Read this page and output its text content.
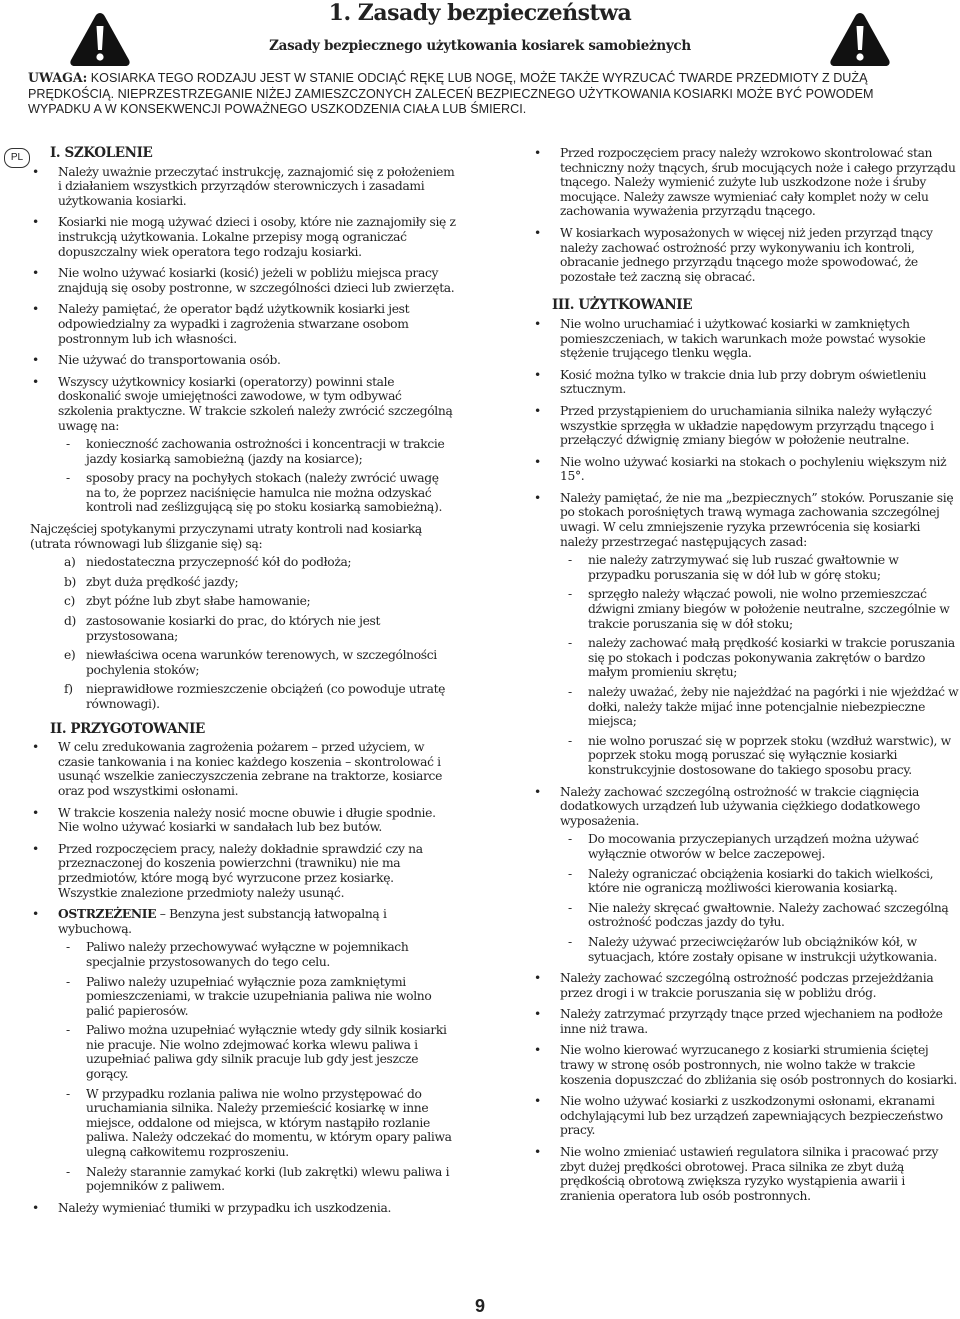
1. Zasady bezpieczeństwa
Zasady bezpiecznego użytkowania kosiarek samobieżnych

UWAGA: KOSIARKA TEGO RODZAJU JEST W STANIE ODCIĄĆ RĘKĘ LUB NOGĘ, MOŻE TAKŻE WYRZUCAĆ TWARDE PRZEDMIOTY Z DUŻĄ PRĘDKOŚCIĄ. NIEPRZESTRZEGANIE NIŻEJ ZAMIESZCZONYCH ZALECEŃ BEZPIECZNEGO UŻYTKOWANIA KOSIARKI MOŻE BYĆ POWODEM WYPADKU A W KONSEKWENCJI POWAŻNEGO USZKODZENIA CIAŁA LUB ŚMIERCI.

PL	I. SZKOLENIE
• Należy uważnie przeczytać instrukcję, zaznajomić się z położeniem i działaniem wszystkich przyrządów sterowniczych i zasadami użytkowania kosiarki.
• Kosiarki nie mogą używać dzieci i osoby, które nie zaznajomiły się z instrukcją użytkowania. Lokalne przepisy mogą ograniczać dopuszczalny wiek operatora tego rodzaju kosiarki.
• Nie wolno używać kosiarki (kosić) jeżeli w pobliżu miejsca pracy znajdują się osoby postronne, w szczególności dzieci lub zwierzęta.
• Należy pamiętać, że operator bądź użytkownik kosiarki jest odpowiedzialny za wypadki i zagrożenia stwarzane osobom postronnym lub ich własności.
• Nie używać do transportowania osób.
• Wszyscy użytkownicy kosiarki (operatorzy) powinni stale doskonalić swoje umiejętności zawodowe, w tym odbywać szkolenia praktyczne. W trakcie szkoleń należy zwrócić szczególną uwagę na:
- konieczność zachowania ostrożności i koncentracji w trakcie jazdy kosiarką samobieżną (jazdy na kosiarce);
- sposoby pracy na pochyłych stokach (należy zwrócić uwagę na to, że poprzez naciśnięcie hamulca nie można odzyskać kontroli nad ześlizgującą się po stoku kosiarką samobieżną).

Najczęściej spotykanymi przyczynami utraty kontroli nad kosiarką (utrata równowagi lub ślizganie się) są:

a) niedostateczna przyczepność kół do podłoża;
b) zbyt duża prędkość jazdy;
c) zbyt późne lub zbyt słabe hamowanie;
d) zastosowanie kosiarki do prac, do których nie jest przystosowana;
e) niewłaściwa ocena warunków terenowych, w szczególności pochylenia stoków;
f) nieprawidłowe rozmieszczenie obciążeń (co powoduje utratę równowagi).
II. PRZYGOTOWANIE
• W celu zredukowania zagrożenia pożarem – przed użyciem, w czasie tankowania i na koniec każdego koszenia – skontrolować i usunąć wszelkie zanieczyszczenia zebrane na traktorze, kosiarce oraz pod wszystkimi osłonami.
• W trakcie koszenia należy nosić mocne obuwie i długie spodnie. Nie wolno używać kosiarki w sandałach lub bez butów.
• Przed rozpoczęciem pracy, należy dokładnie sprawdzić czy na przeznaczonej do koszenia powierzchni (trawniku) nie ma przedmiotów, które mogą być wyrzucone przez kosiarkę. Wszystkie znalezione przedmioty należy usunąć.
• OSTRZEŻENIE – Benzyna jest substancją łatwopalną i wybuchową.
- Paliwo należy przechowywać wyłączne w pojemnikach specjalnie przystosowanych do tego celu.
- Paliwo należy uzupełniać wyłącznie poza zamkniętymi pomieszczeniami, w trakcie uzupełniania paliwa nie wolno palić papierosów.
- Paliwo można uzupełniać wyłącznie wtedy gdy silnik kosiarki nie pracuje. Nie wolno zdejmować korka wlewu paliwa i uzupełniać paliwa gdy silnik pracuje lub gdy jest jeszcze gorący.
- W przypadku rozlania paliwa nie wolno przystępować do uruchamiania silnika. Należy przemieścić kosiarkę w inne miejsce, oddalone od miejsca, w którym nastąpiło rozlanie paliwa. Należy odczekać do momentu, w którym opary paliwa ulegną całkowitemu rozproszeniu.
- Należy starannie zamykać korki (lub zakrętki) wlewu paliwa i pojemników z paliwem.
• Należy wymieniać tłumiki w przypadku ich uszkodzenia.
• Przed rozpoczęciem pracy należy wzrokowo skontrolować stan techniczny noży tnących, śrub mocujących noże i całego przyrządu tnącego. Należy wymienić zużyte lub uszkodzone noże i śruby mocujące. Należy zawsze wymieniać cały komplet noży w celu zachowania wyważenia przyrządu tnącego.
• W kosiarkach wyposażonych w więcej niż jeden przyrząd tnący należy zachować ostrożność przy wykonywaniu ich kontroli, obracanie jednego przyrządu tnącego może spowodować, że pozostałe też zaczną się obracać.
III. UŻYTKOWANIE
• Nie wolno uruchamiać i użytkować kosiarki w zamkniętych pomieszczeniach, w takich warunkach może powstać wysokie stężenie trującego tlenku węgla.
• Kosić można tylko w trakcie dnia lub przy dobrym oświetleniu sztucznym.
• Przed przystąpieniem do uruchamiania silnika należy wyłączyć wszystkie sprzęgła w układzie napędowym przyrządu tnącego i przełączyć dźwignię zmiany biegów w położenie neutralne.
• Nie wolno używać kosiarki na stokach o pochyleniu większym niż 15°.
• Należy pamiętać, że nie ma „bezpiecznych” stoków. Poruszanie się po stokach porośniętych trawą wymaga zachowania szczególnej uwagi. W celu zmniejszenie ryzyka przewrócenia się kosiarki należy przestrzegać następujących zasad:
- nie należy zatrzymywać się lub ruszać gwałtownie w przypadku poruszania się w dół lub w górę stoku;
- sprzęgło należy włączać powoli, nie wolno przemieszczać dźwigni zmiany biegów w położenie neutralne, szczególnie w trakcie poruszania się w dół stoku;
- należy zachować małą prędkość kosiarki w trakcie poruszania się po stokach i podczas pokonywania zakrętów o bardzo małym promieniu skrętu;
- należy uważać, żeby nie najeżdżać na pagórki i nie wjeżdżać w dołki, należy także mijać inne potencjalnie niebezpieczne miejsca;
- nie wolno poruszać się w poprzek stoku (wzdłuż warstwic), w poprzek stoku mogą poruszać się wyłącznie kosiarki konstrukcyjnie dostosowane do takiego sposobu pracy.
• Należy zachować szczególną ostrożność w trakcie ciągnięcia dodatkowych urządzeń lub używania ciężkiego dodatkowego wyposażenia.
- Do mocowania przyczepianych urządzeń można używać wyłącznie otworów w belce zaczepowej.
- Należy ograniczać obciążenia kosiarki do takich wielkości, które nie ograniczą możliwości kierowania kosiarką.
- Nie należy skręcać gwałtownie. Należy zachować szczególną ostrożność podczas jazdy do tyłu.
- Należy używać przeciwciężarów lub obciążników kół, w sytuacjach, które zostały opisane w instrukcji użytkowania.
• Należy zachować szczególną ostrożność podczas przejeżdżania przez drogi i w trakcie poruszania się w pobliżu dróg.
• Należy zatrzymać przyrządy tnące przed wjechaniem na podłoże inne niż trawa.
• Nie wolno kierować wyrzucanego z kosiarki strumienia ściętej trawy w stronę osób postronnych, nie wolno także w trakcie koszenia dopuszczać do zbliżania się osób postronnych do kosiarki.
• Nie wolno używać kosiarki z uszkodzonymi osłonami, ekranami odchylającymi lub bez urządzeń zapewniających bezpieczeństwo pracy.
• Nie wolno zmieniać ustawień regulatora silnika i pracować przy zbyt dużej prędkości obrotowej. Praca silnika ze zbyt dużą prędkością obrotową zwiększa ryzyko wystąpienia awarii i zranienia operatora lub osób postronnych.
9
